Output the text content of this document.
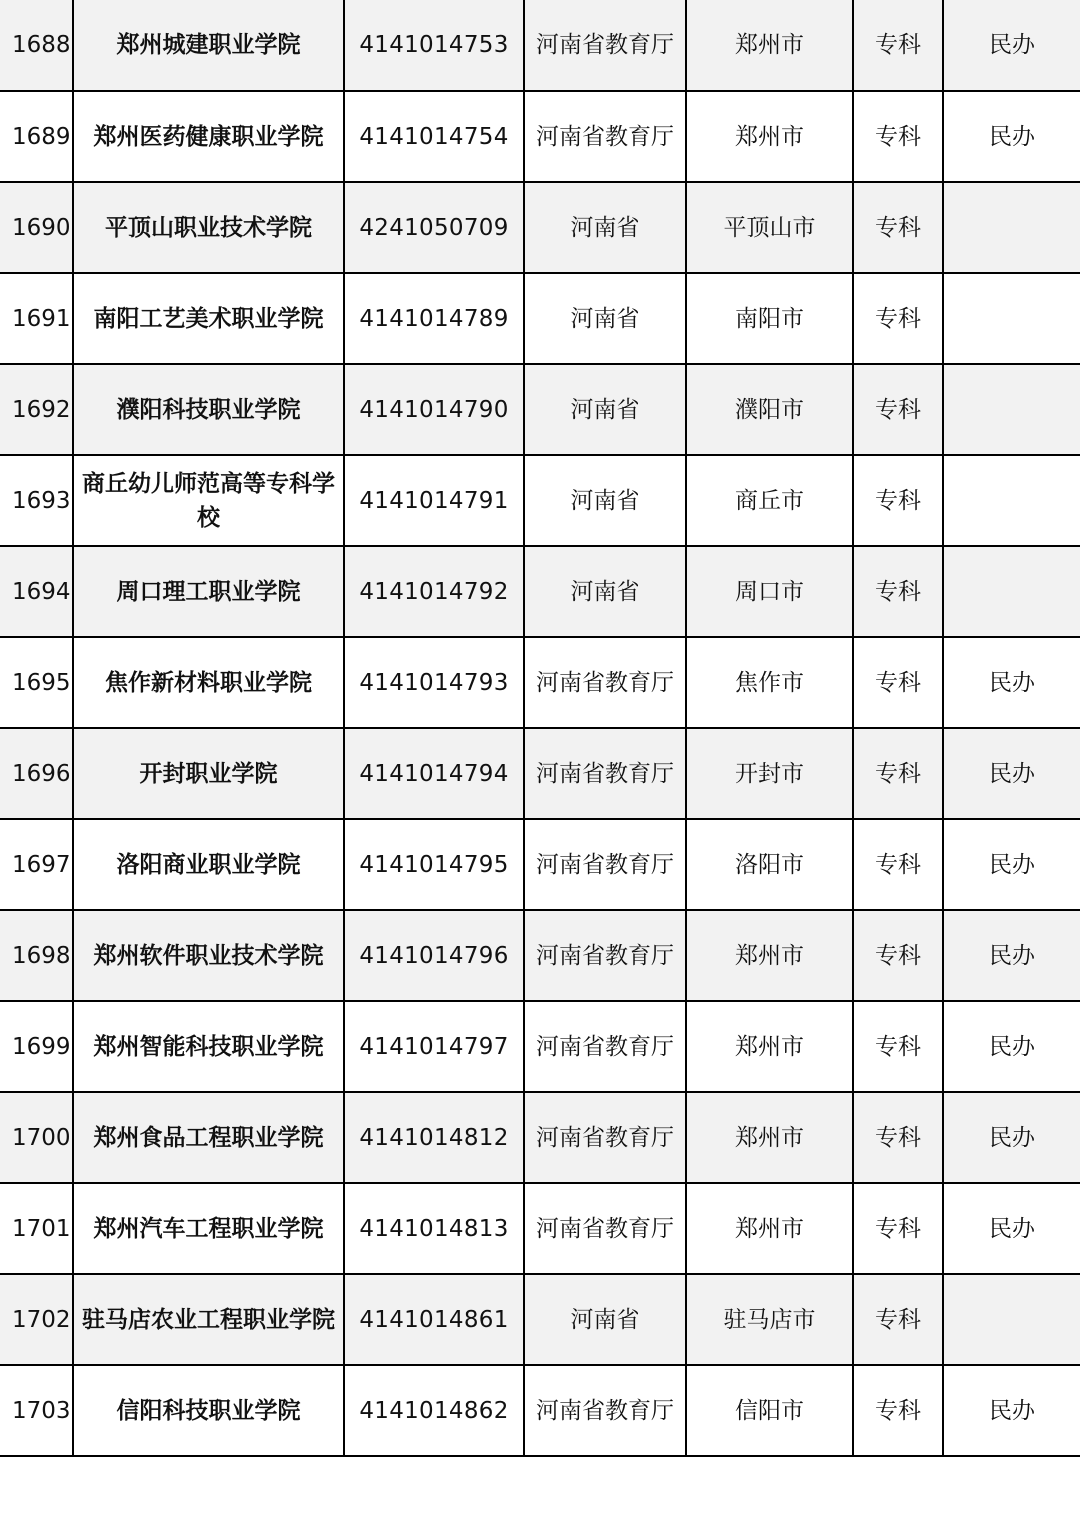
1688	郑州城建职业学院	4141014753	河南省教育厅	郑州市	专科	民办
1689	郑州医药健康职业学院	4141014754	河南省教育厅	郑州市	专科	民办
1690	平顶山职业技术学院	4241050709	河南省	平顶山市	专科	
1691	南阳工艺美术职业学院	4141014789	河南省	南阳市	专科	
1692	濮阳科技职业学院	4141014790	河南省	濮阳市	专科	
1693	商丘幼儿师范高等专科学校	4141014791	河南省	商丘市	专科	
1694	周口理工职业学院	4141014792	河南省	周口市	专科	
1695	焦作新材料职业学院	4141014793	河南省教育厅	焦作市	专科	民办
1696	开封职业学院	4141014794	河南省教育厅	开封市	专科	民办
1697	洛阳商业职业学院	4141014795	河南省教育厅	洛阳市	专科	民办
1698	郑州软件职业技术学院	4141014796	河南省教育厅	郑州市	专科	民办
1699	郑州智能科技职业学院	4141014797	河南省教育厅	郑州市	专科	民办
1700	郑州食品工程职业学院	4141014812	河南省教育厅	郑州市	专科	民办
1701	郑州汽车工程职业学院	4141014813	河南省教育厅	郑州市	专科	民办
1702	驻马店农业工程职业学院	4141014861	河南省	驻马店市	专科	
1703	信阳科技职业学院	4141014862	河南省教育厅	信阳市	专科	民办
